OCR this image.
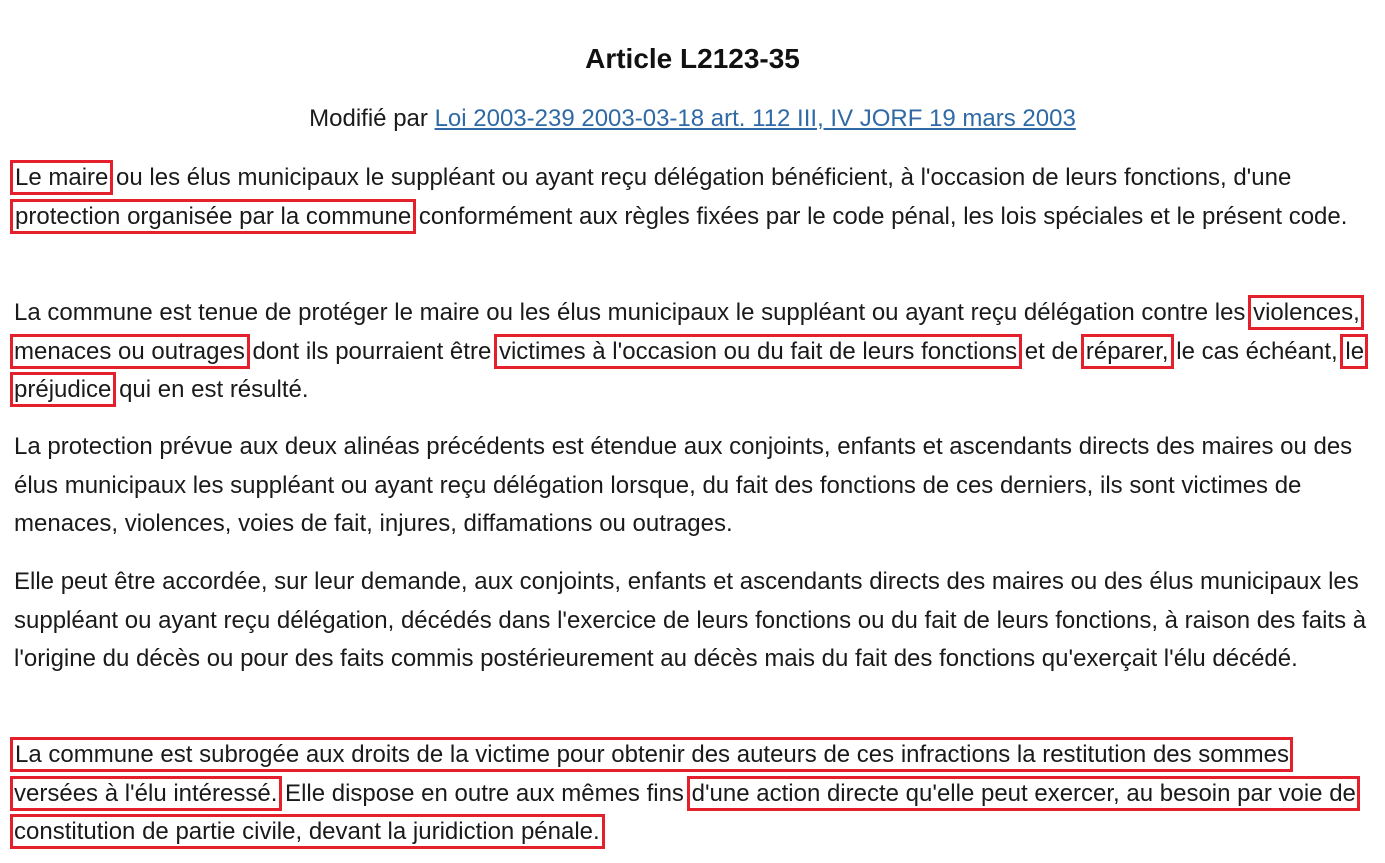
Article L2123-35

Modifié par Loi 2003-239 2003-03-18 art. 112 III, IV JORF 19 mars 2003

Le maire ou les élus municipaux le suppléant ou ayant reçu délégation bénéficient, à l'occasion de leurs fonctions, d'une protection organisée par la commune conformément aux règles fixées par le code pénal, les lois spéciales et le présent code.

La commune est tenue de protéger le maire ou les élus municipaux le suppléant ou ayant reçu délégation contre les violences, menaces ou outrages dont ils pourraient être victimes à l'occasion ou du fait de leurs fonctions et de réparer, le cas échéant, le préjudice qui en est résulté.

La protection prévue aux deux alinéas précédents est étendue aux conjoints, enfants et ascendants directs des maires ou des élus municipaux les suppléant ou ayant reçu délégation lorsque, du fait des fonctions de ces derniers, ils sont victimes de menaces, violences, voies de fait, injures, diffamations ou outrages.

Elle peut être accordée, sur leur demande, aux conjoints, enfants et ascendants directs des maires ou des élus municipaux les suppléant ou ayant reçu délégation, décédés dans l'exercice de leurs fonctions ou du fait de leurs fonctions, à raison des faits à l'origine du décès ou pour des faits commis postérieurement au décès mais du fait des fonctions qu'exerçait l'élu décédé.

La commune est subrogée aux droits de la victime pour obtenir des auteurs de ces infractions la restitution des sommes versées à l'élu intéressé. Elle dispose en outre aux mêmes fins d'une action directe qu'elle peut exercer, au besoin par voie de constitution de partie civile, devant la juridiction pénale.
